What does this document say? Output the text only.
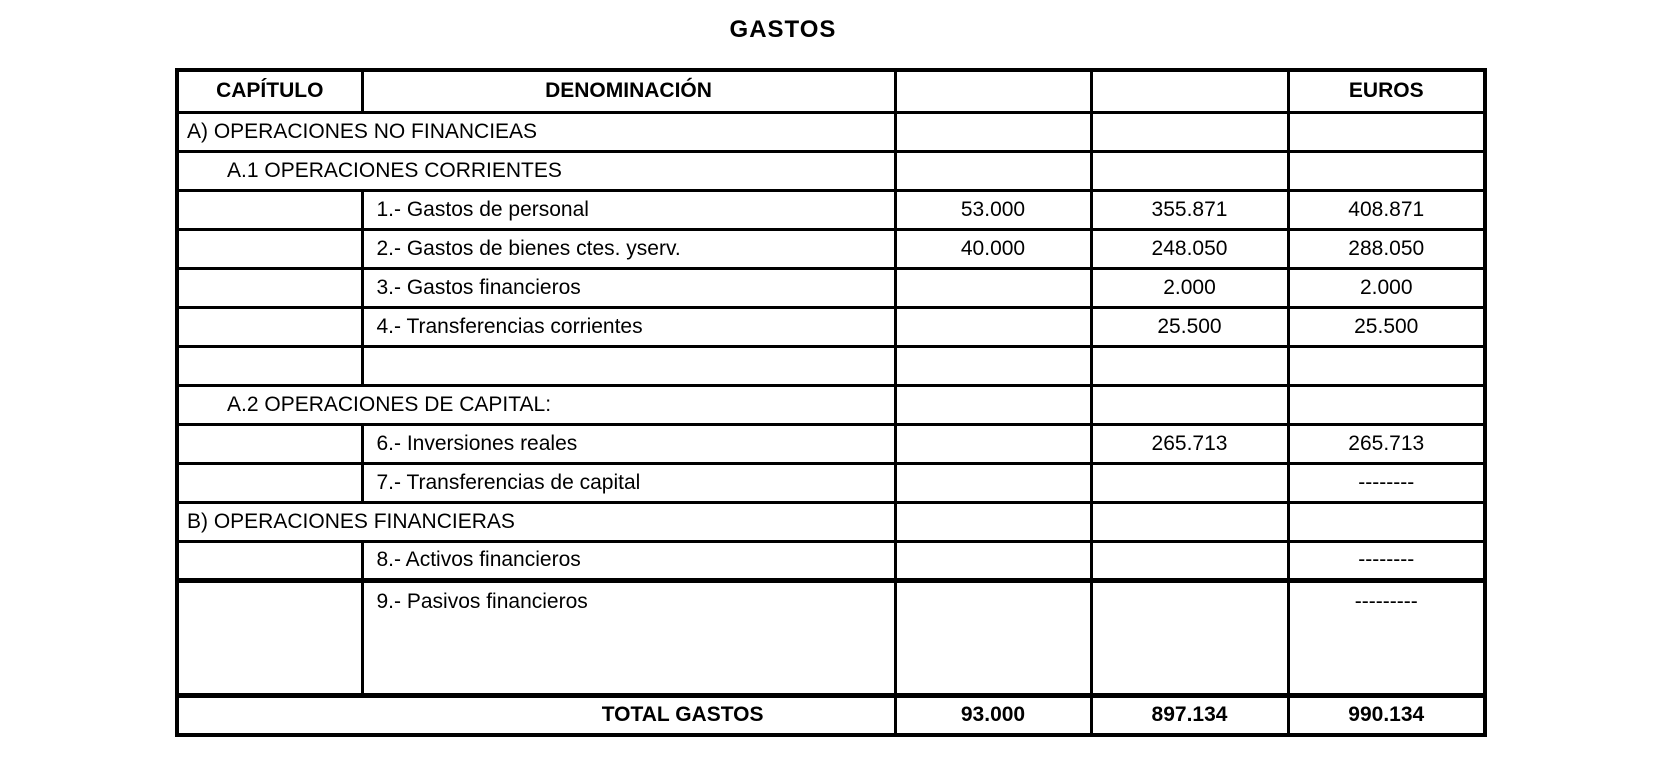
GASTOS
CAPÍTULO	DENOMINACIÓN			EUROS
A) OPERACIONES NO FINANCIEAS				
A.1 OPERACIONES CORRIENTES				
	1.- Gastos de personal	53.000	355.871	408.871
	2.- Gastos de bienes ctes. yserv.	40.000	248.050	288.050
	3.- Gastos financieros		2.000	2.000
	4.- Transferencias corrientes		25.500	25.500

A.2 OPERACIONES DE CAPITAL:				
	6.- Inversiones reales		265.713	265.713
	7.- Transferencias de capital			--------
B) OPERACIONES FINANCIERAS				
	8.- Activos financieros			--------
	9.- Pasivos financieros			---------
TOTAL GASTOS		93.000	897.134	990.134
